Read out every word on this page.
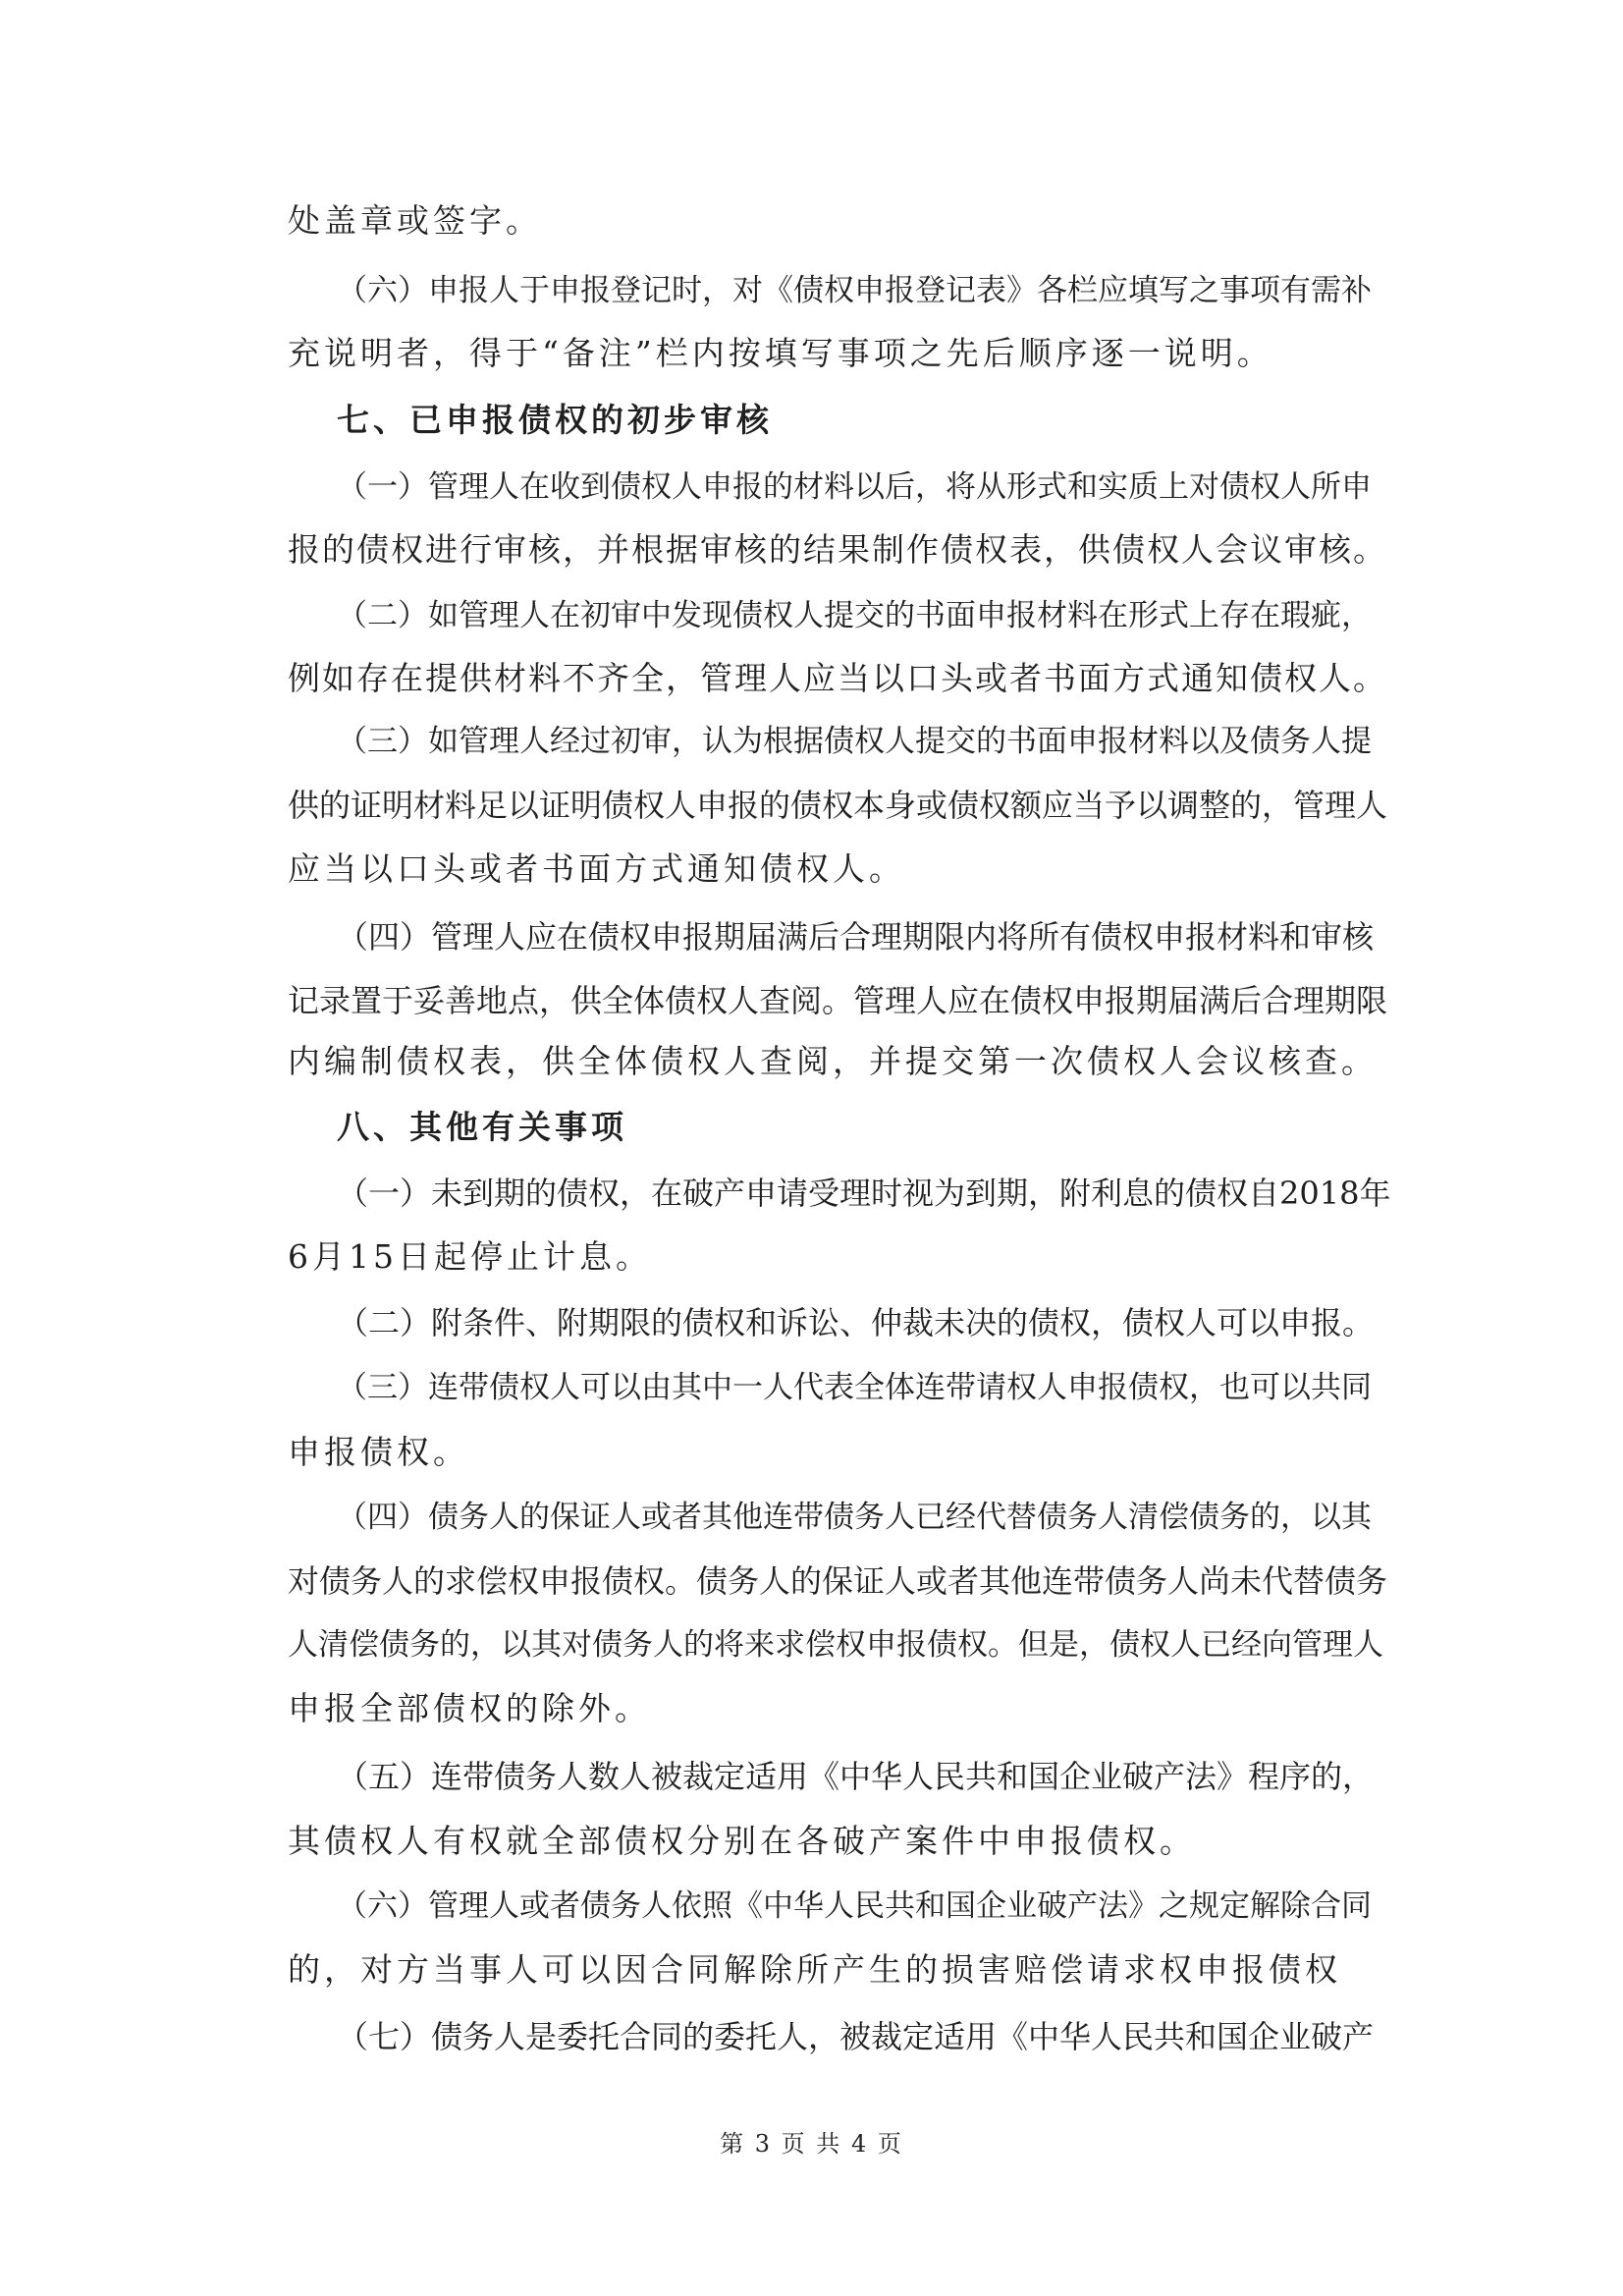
处盖章或签字。
（六）申报人于申报登记时，对《债权申报登记表》各栏应填写之事项有需补
充说明者，得于“备注”栏内按填写事项之先后顺序逐一说明。
七、已申报债权的初步审核
（一）管理人在收到债权人申报的材料以后，将从形式和实质上对债权人所申
报的债权进行审核，并根据审核的结果制作债权表，供债权人会议审核。
（二）如管理人在初审中发现债权人提交的书面申报材料在形式上存在瑕疵，
例如存在提供材料不齐全，管理人应当以口头或者书面方式通知债权人。
（三）如管理人经过初审，认为根据债权人提交的书面申报材料以及债务人提
供的证明材料足以证明债权人申报的债权本身或债权额应当予以调整的，管理人
应当以口头或者书面方式通知债权人。
（四）管理人应在债权申报期届满后合理期限内将所有债权申报材料和审核
记录置于妥善地点，供全体债权人查阅。管理人应在债权申报期届满后合理期限
内编制债权表，供全体债权人查阅，并提交第一次债权人会议核查。
八、其他有关事项
（一）未到期的债权，在破产申请受理时视为到期，附利息的债权自2018年
6月15日起停止计息。
（二）附条件、附期限的债权和诉讼、仲裁未决的债权，债权人可以申报。
（三）连带债权人可以由其中一人代表全体连带请权人申报债权，也可以共同
申报债权。
（四）债务人的保证人或者其他连带债务人已经代替债务人清偿债务的，以其
对债务人的求偿权申报债权。债务人的保证人或者其他连带债务人尚未代替债务
人清偿债务的，以其对债务人的将来求偿权申报债权。但是，债权人已经向管理人
申报全部债权的除外。
（五）连带债务人数人被裁定适用《中华人民共和国企业破产法》程序的，
其债权人有权就全部债权分别在各破产案件中申报债权。
（六）管理人或者债务人依照《中华人民共和国企业破产法》之规定解除合同
的，对方当事人可以因合同解除所产生的损害赔偿请求权申报债权
（七）债务人是委托合同的委托人，被裁定适用《中华人民共和国企业破产
第 3 页 共 4 页
